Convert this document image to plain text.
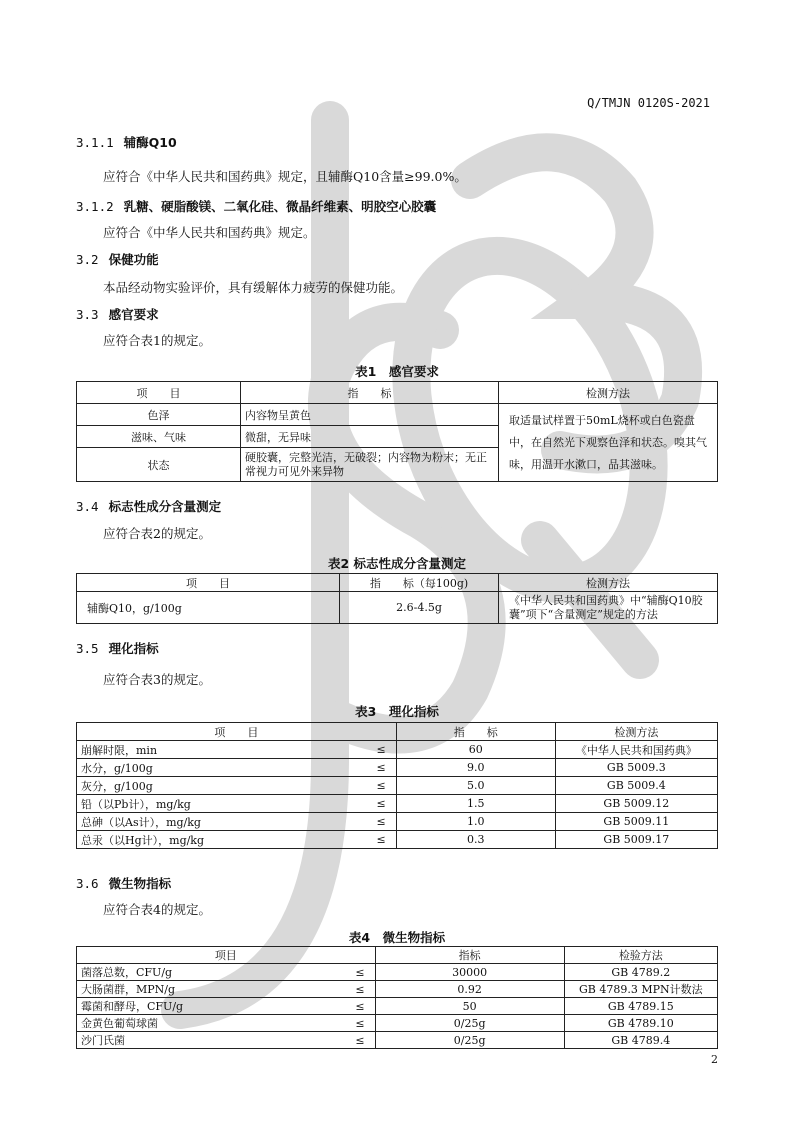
Q/TMJN 0120S-2021
3.1.1 辅酶Q10
应符合《中华人民共和国药典》规定，且辅酶Q10含量≥99.0%。
3.1.2 乳糖、硬脂酸镁、二氧化硅、微晶纤维素、明胶空心胶囊
应符合《中华人民共和国药典》规定。
3.2 保健功能
本品经动物实验评价，具有缓解体力疲劳的保健功能。
3.3 感官要求
应符合表1的规定。
表1　感官要求
项　　目	指　　标	检测方法
色泽	内容物呈黄色	取适量试样置于50mL烧杯或白色瓷盘中，在自然光下观察色泽和状态。嗅其气味，用温开水漱口，品其滋味。
滋味、气味	微甜，无异味	
状态	硬胶囊，完整光洁，无破裂；内容物为粉末；无正常视力可见外来异物	
3.4 标志性成分含量测定
应符合表2的规定。
表2 标志性成分含量测定
项　　目	指　　标（每100g)	检测方法
辅酶Q10，g/100g	2.6-4.5g	《中华人民共和国药典》中“辅酶Q10胶囊”项下“含量测定”规定的方法
3.5 理化指标
应符合表3的规定。
表3　理化指标
项　　目		指　　标	检测方法
崩解时限，min	≤	60	《中华人民共和国药典》
水分，g/100g	≤	9.0	GB 5009.3
灰分，g/100g	≤	5.0	GB 5009.4
铅（以Pb计），mg/kg	≤	1.5	GB 5009.12
总砷（以As计），mg/kg	≤	1.0	GB 5009.11
总汞（以Hg计），mg/kg	≤	0.3	GB 5009.17
3.6 微生物指标
应符合表4的规定。
表4　微生物指标
项目		指标	检验方法
菌落总数，CFU/g	≤	30000	GB 4789.2
大肠菌群，MPN/g	≤	0.92	GB 4789.3 MPN计数法
霉菌和酵母，CFU/g	≤	50	GB 4789.15
金黄色葡萄球菌	≤	0/25g	GB 4789.10
沙门氏菌	≤	0/25g	GB 4789.4
2
